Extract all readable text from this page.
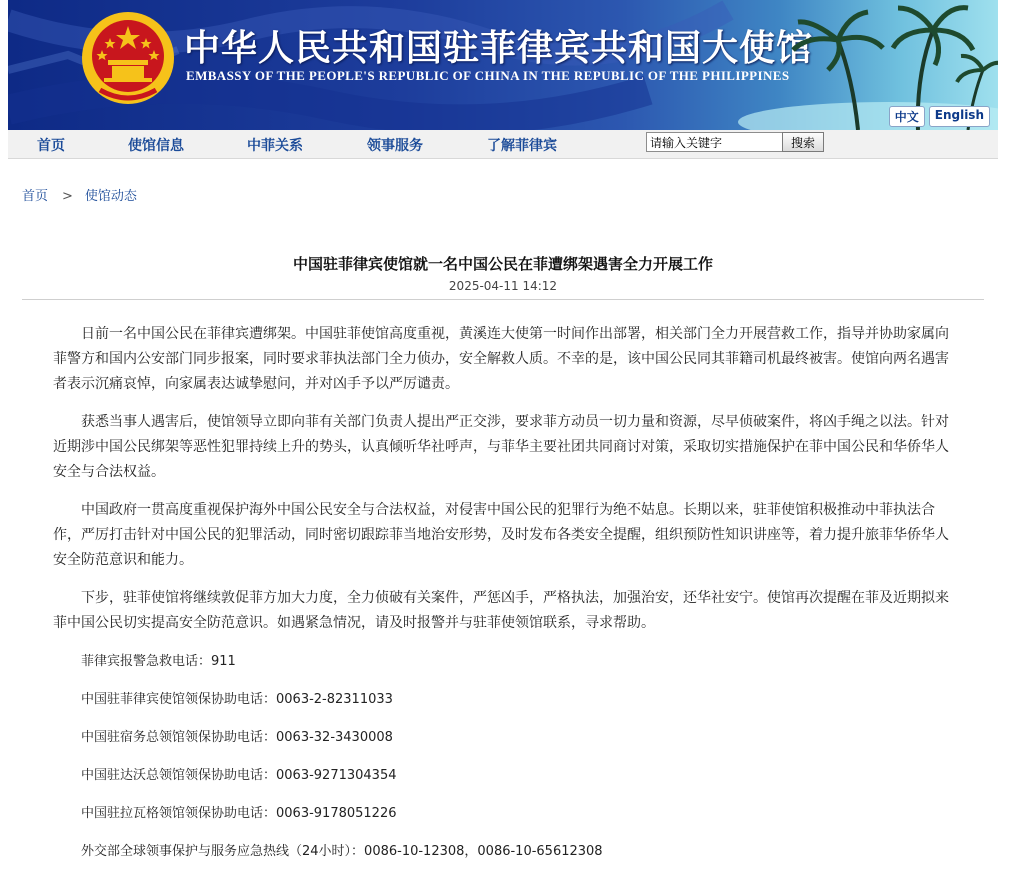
中华人民共和国驻菲律宾共和国大使馆
EMBASSY OF THE PEOPLE'S REPUBLIC OF CHINA IN THE REPUBLIC OF THE PHILIPPINES
中文	English
首页	使馆信息	中菲关系	领事服务	了解菲律宾
请输入关键字	搜索
首页 > 使馆动态
中国驻菲律宾使馆就一名中国公民在菲遭绑架遇害全力开展工作
2025-04-11 14:12

日前一名中国公民在菲律宾遭绑架。中国驻菲使馆高度重视，黄溪连大使第一时间作出部署，相关部门全力开展营救工作，指导并协助家属向菲警方和国内公安部门同步报案，同时要求菲执法部门全力侦办，安全解救人质。不幸的是，该中国公民同其菲籍司机最终被害。使馆向两名遇害者表示沉痛哀悼，向家属表达诚挚慰问，并对凶手予以严厉谴责。

获悉当事人遇害后，使馆领导立即向菲有关部门负责人提出严正交涉，要求菲方动员一切力量和资源，尽早侦破案件，将凶手绳之以法。针对近期涉中国公民绑架等恶性犯罪持续上升的势头，认真倾听华社呼声，与菲华主要社团共同商讨对策，采取切实措施保护在菲中国公民和华侨华人安全与合法权益。

中国政府一贯高度重视保护海外中国公民安全与合法权益，对侵害中国公民的犯罪行为绝不姑息。长期以来，驻菲使馆积极推动中菲执法合作，严厉打击针对中国公民的犯罪活动，同时密切跟踪菲当地治安形势，及时发布各类安全提醒，组织预防性知识讲座等，着力提升旅菲华侨华人安全防范意识和能力。

下步，驻菲使馆将继续敦促菲方加大力度，全力侦破有关案件，严惩凶手，严格执法，加强治安，还华社安宁。使馆再次提醒在菲及近期拟来菲中国公民切实提高安全防范意识。如遇紧急情况，请及时报警并与驻菲使领馆联系，寻求帮助。

菲律宾报警急救电话：911

中国驻菲律宾使馆领保协助电话：0063-2-82311033

中国驻宿务总领馆领保协助电话：0063-32-3430008

中国驻达沃总领馆领保协助电话：0063-9271304354

中国驻拉瓦格领馆领保协助电话：0063-9178051226

外交部全球领事保护与服务应急热线（24小时）：0086-10-12308，0086-10-65612308
